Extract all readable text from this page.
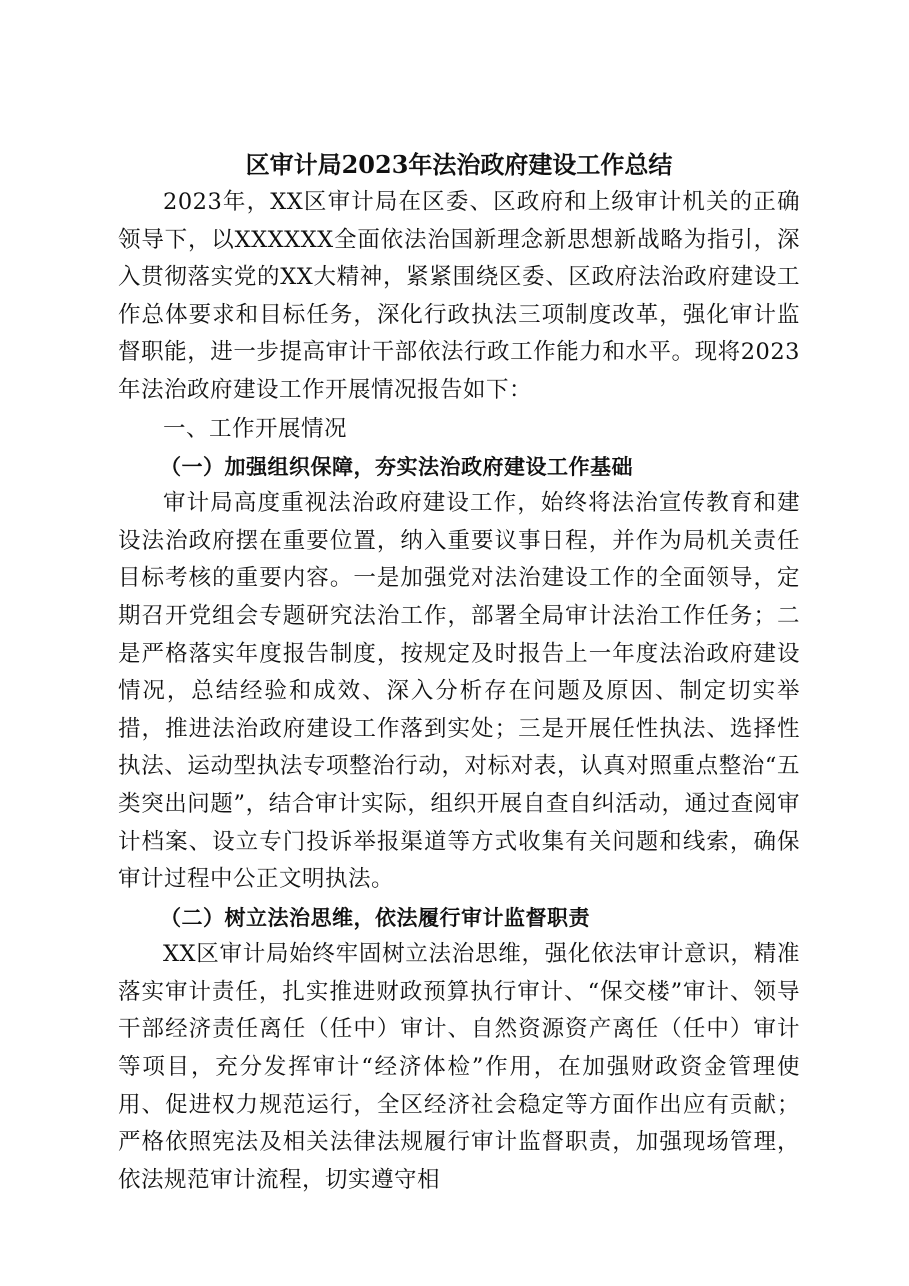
区审计局2023年法治政府建设工作总结

2023年，XX区审计局在区委、区政府和上级审计机关的正确领导下，以XXXXXX全面依法治国新理念新思想新战略为指引，深入贯彻落实党的XX大精神，紧紧围绕区委、区政府法治政府建设工作总体要求和目标任务，深化行政执法三项制度改革，强化审计监督职能，进一步提高审计干部依法行政工作能力和水平。现将2023年法治政府建设工作开展情况报告如下：

一、工作开展情况
（一）加强组织保障，夯实法治政府建设工作基础

审计局高度重视法治政府建设工作，始终将法治宣传教育和建设法治政府摆在重要位置，纳入重要议事日程，并作为局机关责任目标考核的重要内容。一是加强党对法治建设工作的全面领导，定期召开党组会专题研究法治工作，部署全局审计法治工作任务；二是严格落实年度报告制度，按规定及时报告上一年度法治政府建设情况，总结经验和成效、深入分析存在问题及原因、制定切实举措，推进法治政府建设工作落到实处；三是开展任性执法、选择性执法、运动型执法专项整治行动，对标对表，认真对照重点整治“五类突出问题”，结合审计实际，组织开展自查自纠活动，通过查阅审计档案、设立专门投诉举报渠道等方式收集有关问题和线索，确保审计过程中公正文明执法。

（二）树立法治思维，依法履行审计监督职责

XX区审计局始终牢固树立法治思维，强化依法审计意识，精准落实审计责任，扎实推进财政预算执行审计、“保交楼”审计、领导干部经济责任离任（任中）审计、自然资源资产离任（任中）审计等项目，充分发挥审计“经济体检”作用，在加强财政资金管理使用、促进权力规范运行，全区经济社会稳定等方面作出应有贡献；严格依照宪法及相关法律法规履行审计监督职责，加强现场管理，依法规范审计流程，切实遵守相
